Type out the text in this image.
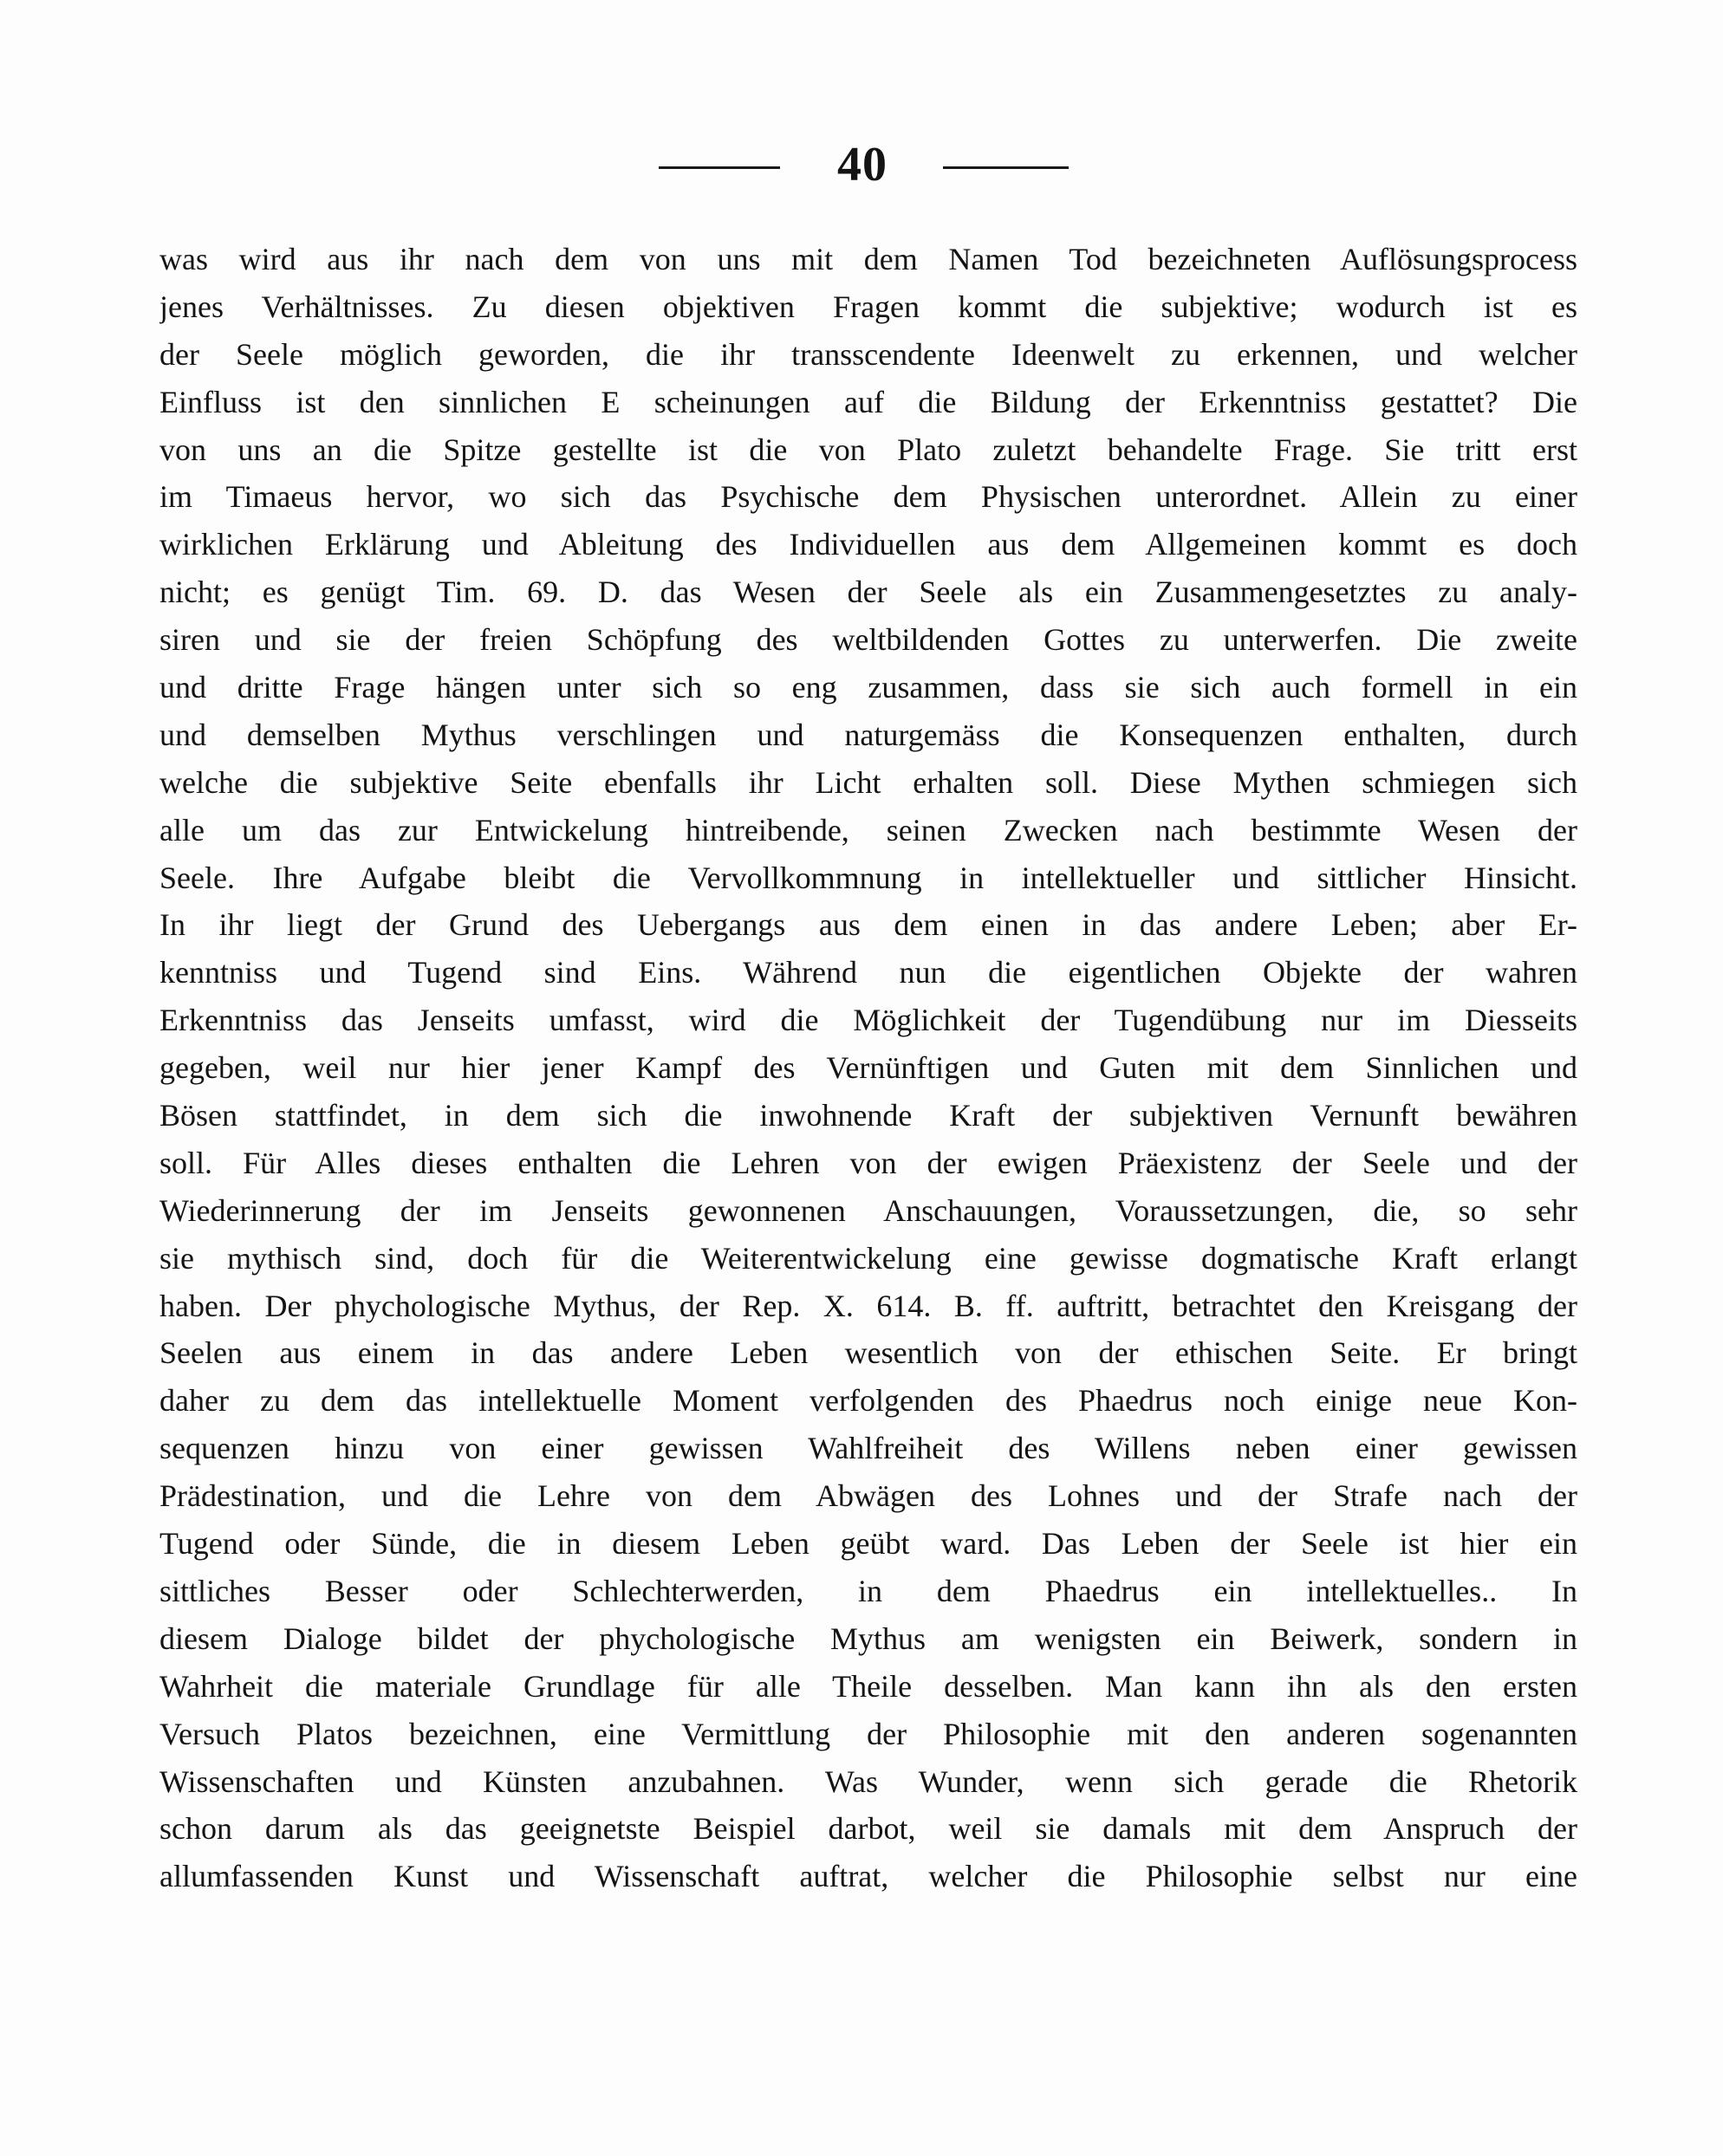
40
was wird aus ihr nach dem von uns mit dem Namen Tod bezeichneten Auflösungsprocess
jenes Verhältnisses. Zu diesen objektiven Fragen kommt die subjektive; wodurch ist es
der Seele möglich geworden, die ihr transscendente Ideenwelt zu erkennen, und welcher
Einfluss ist den sinnlichen E scheinungen auf die Bildung der Erkenntniss gestattet? Die
von uns an die Spitze gestellte ist die von Plato zuletzt behandelte Frage. Sie tritt erst
im Timaeus hervor, wo sich das Psychische dem Physischen unterordnet. Allein zu einer
wirklichen Erklärung und Ableitung des Individuellen aus dem Allgemeinen kommt es doch
nicht; es genügt Tim. 69. D. das Wesen der Seele als ein Zusammengesetztes zu analy-
siren und sie der freien Schöpfung des weltbildenden Gottes zu unterwerfen. Die zweite
und dritte Frage hängen unter sich so eng zusammen, dass sie sich auch formell in ein
und demselben Mythus verschlingen und naturgemäss die Konsequenzen enthalten, durch
welche die subjektive Seite ebenfalls ihr Licht erhalten soll. Diese Mythen schmiegen sich
alle um das zur Entwickelung hintreibende, seinen Zwecken nach bestimmte Wesen der
Seele. Ihre Aufgabe bleibt die Vervollkommnung in intellektueller und sittlicher Hinsicht.
In ihr liegt der Grund des Uebergangs aus dem einen in das andere Leben; aber Er-
kenntniss und Tugend sind Eins. Während nun die eigentlichen Objekte der wahren
Erkenntniss das Jenseits umfasst, wird die Möglichkeit der Tugendübung nur im Diesseits
gegeben, weil nur hier jener Kampf des Vernünftigen und Guten mit dem Sinnlichen und
Bösen stattfindet, in dem sich die inwohnende Kraft der subjektiven Vernunft bewähren
soll. Für Alles dieses enthalten die Lehren von der ewigen Präexistenz der Seele und der
Wiederinnerung der im Jenseits gewonnenen Anschauungen, Voraussetzungen, die, so sehr
sie mythisch sind, doch für die Weiterentwickelung eine gewisse dogmatische Kraft erlangt
haben. Der phychologische Mythus, der Rep. X. 614. B. ff. auftritt, betrachtet den Kreisgang der
Seelen aus einem in das andere Leben wesentlich von der ethischen Seite. Er bringt
daher zu dem das intellektuelle Moment verfolgenden des Phaedrus noch einige neue Kon-
sequenzen hinzu von einer gewissen Wahlfreiheit des Willens neben einer gewissen
Prädestination, und die Lehre von dem Abwägen des Lohnes und der Strafe nach der
Tugend oder Sünde, die in diesem Leben geübt ward. Das Leben der Seele ist hier ein
sittliches Besser oder Schlechterwerden, in dem Phaedrus ein intellektuelles.. In
diesem Dialoge bildet der phychologische Mythus am wenigsten ein Beiwerk, sondern in
Wahrheit die materiale Grundlage für alle Theile desselben. Man kann ihn als den ersten
Versuch Platos bezeichnen, eine Vermittlung der Philosophie mit den anderen sogenannten
Wissenschaften und Künsten anzubahnen. Was Wunder, wenn sich gerade die Rhetorik
schon darum als das geeignetste Beispiel darbot, weil sie damals mit dem Anspruch der
allumfassenden Kunst und Wissenschaft auftrat, welcher die Philosophie selbst nur eine
